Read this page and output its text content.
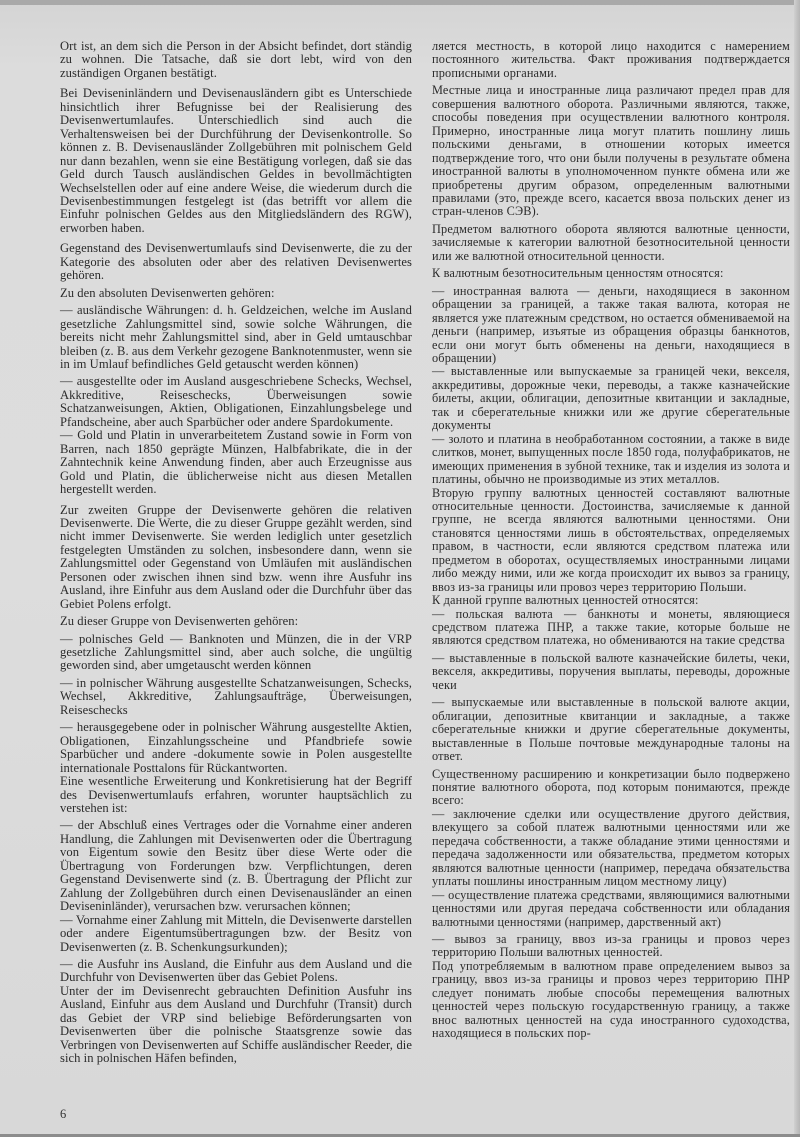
Ort ist, an dem sich die Person in der Absicht befindet, dort ständig zu wohnen. Die Tatsache, daß sie dort lebt, wird von den zuständigen Organen bestätigt.

Bei Deviseninländern und Devisenausländern gibt es Unterschiede hinsichtlich ihrer Befugnisse bei der Realisierung des Devisenwertumlaufes. Unterschiedlich sind auch die Verhaltensweisen bei der Durchführung der Devisenkontrolle. So können z. B. Devisenausländer Zollgebühren mit polnischem Geld nur dann bezahlen, wenn sie eine Bestätigung vorlegen, daß sie das Geld durch Tausch ausländischen Geldes in bevollmächtigten Wechselstellen oder auf eine andere Weise, die wiederum durch die Devisenbestimmungen festgelegt ist (das betrifft vor allem die Einfuhr polnischen Geldes aus den Mitgliedsländern des RGW), erworben haben.

Gegenstand des Devisenwertumlaufs sind Devisenwerte, die zu der Kategorie des absoluten oder aber des relativen Devisenwertes gehören.

Zu den absoluten Devisenwerten gehören:

— ausländische Währungen: d. h. Geldzeichen, welche im Ausland gesetzliche Zahlungsmittel sind, sowie solche Währungen, die bereits nicht mehr Zahlungsmittel sind, aber in Geld umtauschbar bleiben (z. B. aus dem Verkehr gezogene Banknotenmuster, wenn sie in im Umlauf befindliches Geld getauscht werden können)

— ausgestellte oder im Ausland ausgeschriebene Schecks, Wechsel, Akkreditive, Reiseschecks, Überweisungen sowie Schatzanweisungen, Aktien, Obligationen, Einzahlungsbelege und Pfandscheine, aber auch Sparbücher oder andere Spardokumente.

— Gold und Platin in unverarbeitetem Zustand sowie in Form von Barren, nach 1850 geprägte Münzen, Halbfabrikate, die in der Zahntechnik keine Anwendung finden, aber auch Erzeugnisse aus Gold und Platin, die üblicherweise nicht aus diesen Metallen hergestellt werden.

Zur zweiten Gruppe der Devisenwerte gehören die relativen Devisenwerte. Die Werte, die zu dieser Gruppe gezählt werden, sind nicht immer Devisenwerte. Sie werden lediglich unter gesetzlich festgelegten Umständen zu solchen, insbesondere dann, wenn sie Zahlungsmittel oder Gegenstand von Umläufen mit ausländischen Personen oder zwischen ihnen sind bzw. wenn ihre Ausfuhr ins Ausland, ihre Einfuhr aus dem Ausland oder die Durchfuhr über das Gebiet Polens erfolgt.

Zu dieser Gruppe von Devisenwerten gehören:

— polnisches Geld — Banknoten und Münzen, die in der VRP gesetzliche Zahlungsmittel sind, aber auch solche, die ungültig geworden sind, aber umgetauscht werden können

— in polnischer Währung ausgestellte Schatzanweisungen, Schecks, Wechsel, Akkreditive, Zahlungsaufträge, Überweisungen, Reiseschecks

— herausgegebene oder in polnischer Währung ausgestellte Aktien, Obligationen, Einzahlungsscheine und Pfandbriefe sowie Sparbücher und andere -dokumente sowie in Polen ausgestellte internationale Posttalons für Rückantworten.

Eine wesentliche Erweiterung und Konkretisierung hat der Begriff des Devisenwertumlaufs erfahren, worunter hauptsächlich zu verstehen ist:

— der Abschluß eines Vertrages oder die Vornahme einer anderen Handlung, die Zahlungen mit Devisenwerten oder die Übertragung von Eigentum sowie den Besitz über diese Werte oder die Übertragung von Forderungen bzw. Verpflichtungen, deren Gegenstand Devisenwerte sind (z. B. Übertragung der Pflicht zur Zahlung der Zollgebühren durch einen Devisenausländer an einen Deviseninländer), verursachen bzw. verursachen können;

— Vornahme einer Zahlung mit Mitteln, die Devisenwerte darstellen oder andere Eigentumsübertragungen bzw. der Besitz von Devisenwerten (z. B. Schenkungsurkunden);

— die Ausfuhr ins Ausland, die Einfuhr aus dem Ausland und die Durchfuhr von Devisenwerten über das Gebiet Polens.

Unter der im Devisenrecht gebrauchten Definition Ausfuhr ins Ausland, Einfuhr aus dem Ausland und Durchfuhr (Transit) durch das Gebiet der VRP sind beliebige Beförderungsarten von Devisenwerten über die polnische Staatsgrenze sowie das Verbringen von Devisenwerten auf Schiffe ausländischer Reeder, die sich in polnischen Häfen befinden,

ляется местность, в которой лицо находится с намерением постоянного жительства. Факт проживания подтверждается прописными органами.

Местные лица и иностранные лица различают предел прав для совершения валютного оборота. Различными являются, также, способы поведения при осуществлении валютного контроля. Примерно, иностранные лица могут платить пошлину лишь польскими деньгами, в отношении которых имеется подтверждение того, что они были получены в результате обмена иностранной валюты в уполномоченном пункте обмена или же приобретены другим образом, определенным валютными правилами (это, прежде всего, касается ввоза польских денег из стран-членов СЭВ).

Предметом валютного оборота являются валютные ценности, зачисляемые к категории валютной безотносительной ценности или же валютной относительной ценности.

К валютным безотносительным ценностям относятся:

— иностранная валюта — деньги, находящиеся в законном обращении за границей, а также такая валюта, которая не является уже платежным средством, но остается обмениваемой на деньги (например, изъятые из обращения образцы банкнотов, если они могут быть обменены на деньги, находящиеся в обращении)

— выставленные или выпускаемые за границей чеки, векселя, аккредитивы, дорожные чеки, переводы, а также казначейские билеты, акции, облигации, депозитные квитанции и закладные, так и сберегательные книжки или же другие сберегательные документы

— золото и платина в необработанном состоянии, а также в виде слитков, монет, выпущенных после 1850 года, полуфабрикатов, не имеющих применения в зубной технике, так и изделия из золота и платины, обычно не производимые из этих металлов.

Вторую группу валютных ценностей составляют валютные относительные ценности. Достоинства, зачисляемые к данной группе, не всегда являются валютными ценностями. Они становятся ценностями лишь в обстоятельствах, определяемых правом, в частности, если являются средством платежа или предметом в оборотах, осуществляемых иностранными лицами либо между ними, или же когда происходит их вывоз за границу, ввоз из-за границы или провоз через территорию Польши.

К данной группе валютных ценностей относятся:

— польская валюта — банкноты и монеты, являющиеся средством платежа ПНР, а также такие, которые больше не являются средством платежа, но обмениваются на такие средства

— выставленные в польской валюте казначейские билеты, чеки, векселя, аккредитивы, поручения выплаты, переводы, дорожные чеки

— выпускаемые или выставленные в польской валюте акции, облигации, депозитные квитанции и закладные, а также сберегательные книжки и другие сберегательные документы, выставленные в Польше почтовые международные талоны на ответ.

Существенному расширению и конкретизации было подвержено понятие валютного оборота, под которым понимаются, прежде всего:

— заключение сделки или осуществление другого действия, влекущего за собой платеж валютными ценностями или же передача собственности, а также обладание этими ценностями и передача задолженности или обязательства, предметом которых являются валютные ценности (например, передача обязательства уплаты пошлины иностранным лицом местному лицу)

— осуществление платежа средствами, являющимися валютными ценностями или другая передача собственности или обладания валютными ценностями (например, дарственный акт)

— вывоз за границу, ввоз из-за границы и провоз через территорию Польши валютных ценностей.

Под употребляемым в валютном праве определением вывоз за границу, ввоз из-за границы и провоз через территорию ПНР следует понимать любые способы перемещения валютных ценностей через польскую государственную границу, а также внос валютных ценностей на суда иностранного судоходства, находящиеся в польских пор-

6
